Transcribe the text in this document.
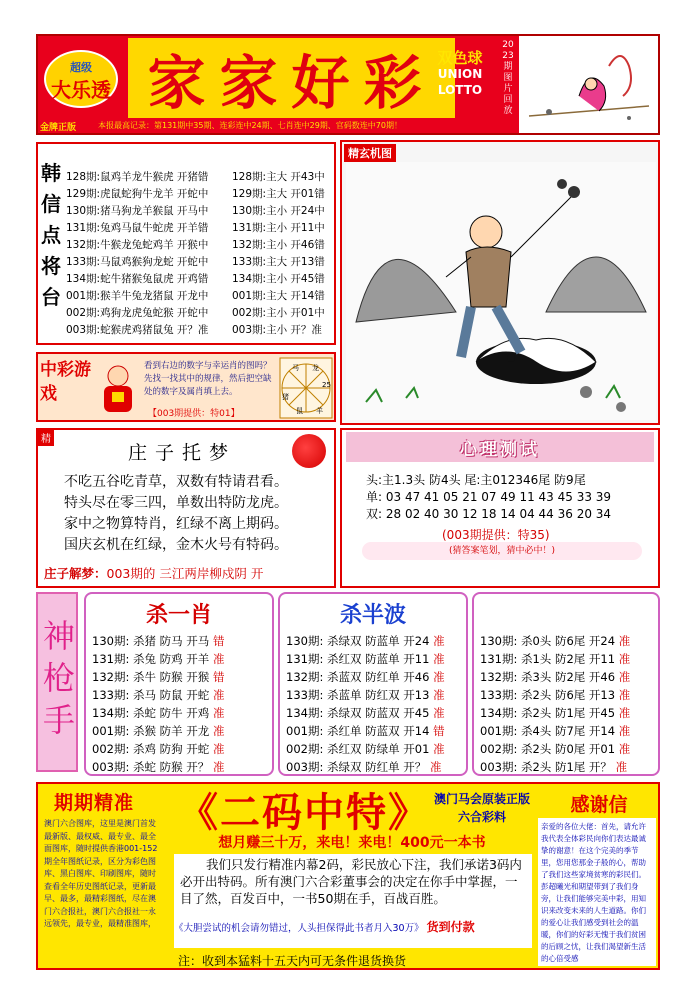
超级
大乐透
金牌正版
家家好彩 双色球
UNION LOTTO
2023期图片回放
本报最高记录：第131期中35期、连彩连中24期、七肖连中29期、官码数连中70期！
韩信点将台
128期:鼠鸡羊龙牛猴虎 开猪错
129期:虎鼠蛇狗牛龙羊 开蛇中
130期:猪马狗龙羊猴鼠 开马中
131期:兔鸡马鼠牛蛇虎 开羊错
132期:牛猴龙兔蛇鸡羊 开猴中
133期:马鼠鸡猴狗龙蛇 开蛇中
134期:蛇牛猪猴兔鼠虎 开鸡错
001期:猴羊牛兔龙猪鼠 开龙中
002期:鸡狗龙虎兔蛇猴 开蛇中
003期:蛇猴虎鸡猪鼠兔 开？准
128期:主大 开43中
129期:主大 开01错
130期:主小 开24中
131期:主小 开11中
132期:主小 开46错
133期:主大 开13错
134期:主小 开45错
001期:主大 开14错
002期:主小 开01中
003期:主小 开？准
中彩游戏
看到右边的数字与幸运肖的图吗？先找一找其中的规律，然后把空缺处的数字及属肖填上去。
【003期提供：特01】
马 龙
25
猪
鼠 羊
精玄机图
精
庄子托梦
不吃五谷吃青草，双数有特请君看。
特头尽在零三四，单数出特防龙虎。
家中之物算特肖，红绿不离上期码。
国庆玄机在红绿，金木火号有特码。
庄子解梦：003期的 三江两岸柳戍阴 开
心理测试
头:主1.3头 防4头 尾:主012346尾 防9尾
单: 03 47 41 05 21 07 49 11 43 45 33 39
双: 28 02 40 30 12 18 14 04 44 36 20 34
(003期提供：特35)
(猜答案笔划，猜中必中！)
神枪手
杀一肖
130期: 杀猪 防马 开马 错
131期: 杀兔 防鸡 开羊 准
132期: 杀牛 防猴 开猴 错
133期: 杀马 防鼠 开蛇 准
134期: 杀蛇 防牛 开鸡 准
001期: 杀猴 防羊 开龙 准
002期: 杀鸡 防狗 开蛇 准
003期: 杀蛇 防猴 开？ 准
杀半波
130期: 杀绿双 防蓝单 开24 准
131期: 杀红双 防蓝单 开11 准
132期: 杀蓝双 防红单 开46 准
133期: 杀蓝单 防红双 开13 准
134期: 杀绿双 防蓝双 开45 准
001期: 杀红单 防蓝双 开14 错
002期: 杀红双 防绿单 开01 准
003期: 杀绿双 防红单 开？ 准
130期: 杀0头 防6尾 开24 准
131期: 杀1头 防2尾 开11 准
132期: 杀3头 防2尾 开46 准
133期: 杀2头 防6尾 开13 准
134期: 杀2头 防1尾 开45 准
001期: 杀4头 防7尾 开14 准
002期: 杀2头 防0尾 开01 准
003期: 杀2头 防1尾 开？ 准
期期精准
澳门六合图库，这里是澳门首发最新版、最权威、最专业、最全面图库，随时提供香港001-152期全年图纸记录，区分为彩色图库、黑白图库、印刷图库，随时查看全年历史图纸记录，更新最早、最多，最精彩图纸，尽在澳门六合报社，澳门六合报社一永远领先，最专业，最精准图库，
《二码中特》 澳门马会原装正版六合彩料
想月赚三十万，来电！来电！400元一本书
我们只发行精准内幕2码，彩民放心下注，我们承诺3码内必开出特码。所有澳门六合彩董事会的决定在你手中掌握，一目了然，百发百中，一书50期在手，百战百胜。
《大胆尝试的机会请勿错过，人头担保得此书者月入30万》 货到付款
注：收到本猛料十五天内可无条件退货换货
感谢信
亲爱的各位大佬：首先，请允许我代表全体彩民向你们表达最诚挚的谢意！在这个完美的季节里，您用您那金子般的心，帮助了我们这些家境贫寒的彩民们。彭超曦光和期望带到了我们身旁，让我们能够完美中彩，用知识来改变未来的人生道路。你们的爱心让我们感受到社会的温暖，你们的好彩无愧于我们贫困的后顾之忧，让我们渴望新生活的心倍受感
